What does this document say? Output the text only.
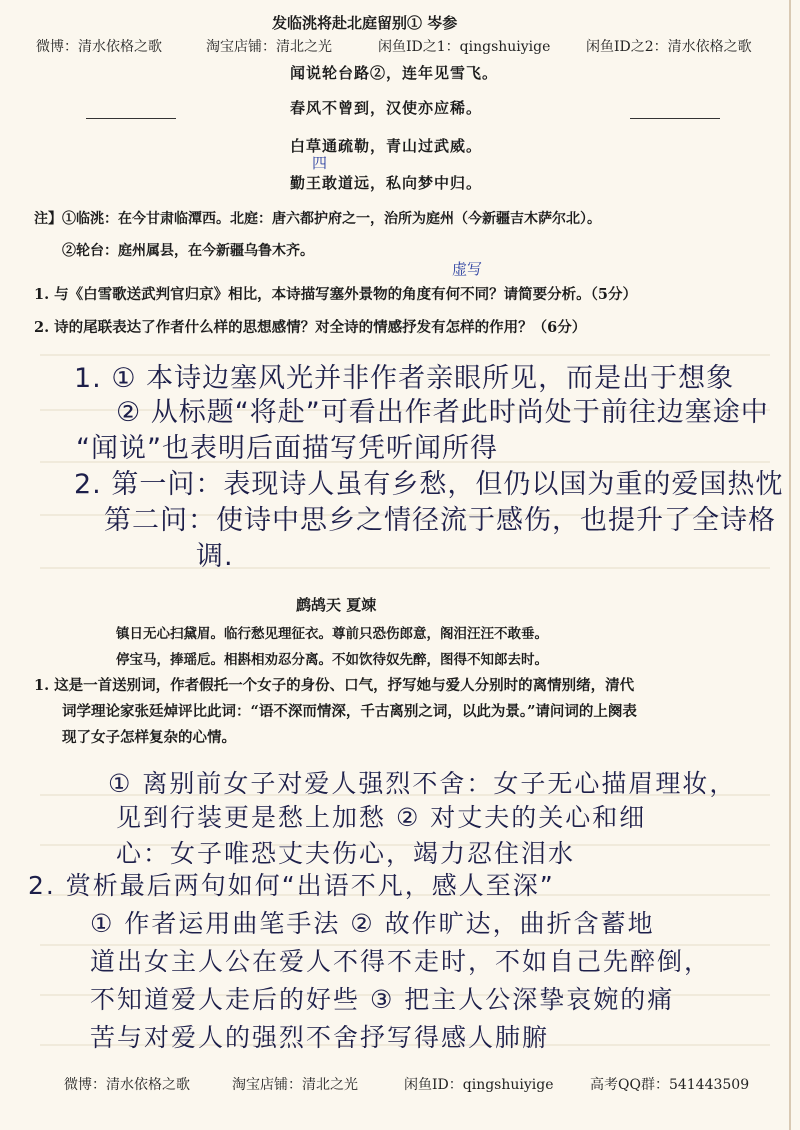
微博：清水依格之歌	淘宝店铺：清北之光	闲鱼ID之1：qingshuiyige	闲鱼ID之2：清水依格之歌
发临洮将赴北庭留别① 岑参
闻说轮台路②，连年见雪飞。
春风不曾到，汉使亦应稀。
白草通疏勒，青山过武威。
四
勤王敢道远，私向梦中归。
注】①临洮：在今甘肃临潭西。北庭：唐六都护府之一，治所为庭州（今新疆吉木萨尔北）。
②轮台：庭州属县，在今新疆乌鲁木齐。
虚写
1. 与《白雪歌送武判官归京》相比，本诗描写塞外景物的角度有何不同？请简要分析。（5分）
2. 诗的尾联表达了作者什么样的思想感情？对全诗的情感抒发有怎样的作用？（6分）
1. ① 本诗边塞风光并非作者亲眼所见，而是出于想象
② 从标题“将赴”可看出作者此时尚处于前往边塞途中
“闻说”也表明后面描写凭听闻所得
2. 第一问：表现诗人虽有乡愁，但仍以国为重的爱国热忱
第二问：使诗中思乡之情径流于感伤，也提升了全诗格
调.
鹧鸪天 夏竦
镇日无心扫黛眉。临行愁见理征衣。尊前只恐伤郎意，阁泪汪汪不敢垂。
停宝马，捧瑶卮。相斟相劝忍分离。不如饮待奴先醉，图得不知郎去时。
1. 这是一首送别词，作者假托一个女子的身份、口气，抒写她与爱人分别时的离情别绪，清代
词学理论家张廷焯评比此词：“语不深而情深，千古离别之词，以此为景。”请问词的上阕表
现了女子怎样复杂的心情。
① 离别前女子对爱人强烈不舍：女子无心描眉理妆，
见到行装更是愁上加愁 ② 对丈夫的关心和细
心：女子唯恐丈夫伤心，竭力忍住泪水
2. 赏析最后两句如何“出语不凡，感人至深”
① 作者运用曲笔手法 ② 故作旷达，曲折含蓄地
道出女主人公在爱人不得不走时，不如自己先醉倒，
不知道爱人走后的好些 ③ 把主人公深挚哀婉的痛
苦与对爱人的强烈不舍抒写得感人肺腑
微博：清水依格之歌	淘宝店铺：清北之光	闲鱼ID：qingshuiyige	高考QQ群：541443509
